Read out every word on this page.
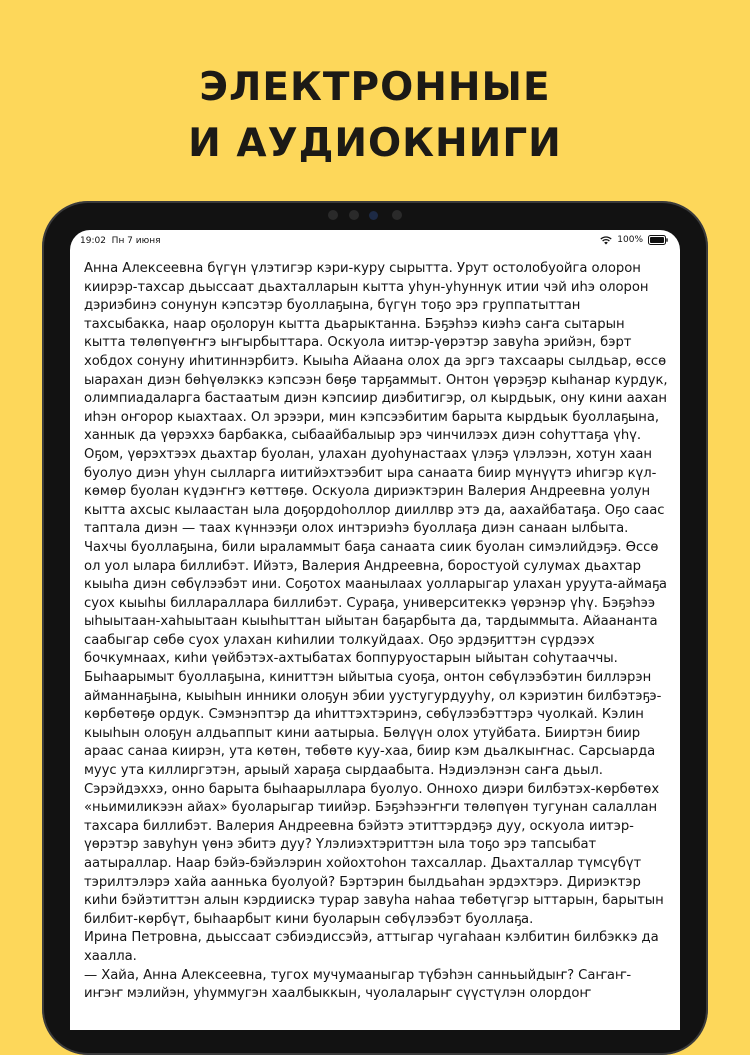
ЭЛЕКТРОННЫЕ
И АУДИОКНИГИ
19:02 Пн 7 июня	100%

Анна Алексеевна бүгүн үлэтигэр кэри-куру сырытта. Урут остолобуойга олорон киирэр-тахсар дьыссаат дьахталларын кытта уһун-уһуннук итии чэй иһэ олорон дэриэбинэ сонунун кэпсэтэр буоллаҕына, бүгүн тоҕо эрэ группатыттан тахсыбакка, наар оҕолорун кытта дьарыктанна. Бэҕэһээ киэһэ саҥа сытарын кытта төлөпүөҥҥэ ыҥырбыттара. Оскуола иитэр-үөрэтэр завуһа эрийэн, бэрт хобдох сонуну иһитиннэрбитэ. Кыыһа Айаана олох да эргэ тахсаары сылдьар, өссө ыарахан диэн бөһүөлэккэ кэпсээн бөҕө тарҕаммыт. Онтон үөрэҕэр кыһанар курдук, олимпиадаларга бастаатым диэн кэпсиир диэбитигэр, ол кырдьык, ону кини аахан иһэн оҥорор кыахтаах. Ол эрээри, мин кэпсээбитим барыта кырдьык буоллаҕына, ханнык да үөрэххэ барбакка, сыбаайбалыыр эрэ чинчилээх диэн соһуттаҕа үһү. Оҕом, үөрэхтээх дьахтар буолан, улахан дуоһунастаах үлэҕэ үлэлээн, хотун хаан буолуо диэн уһун сылларга иитийэхтээбит ыра санаата биир мүнүүтэ иһигэр күл-көмөр буолан күдэҥҥэ көттөҕө. Оскуола дириэктэрин Валерия Андреевна уолун кытта ахсыс кылаастан ыла доҕордоһоллор дииллвр этэ да, аахайбатаҕа. Оҕо саас таптала диэн — таах күннээҕи олох интэриэһэ буоллаҕа диэн санаан ылбыта. Чахчы буоллаҕына, били ыраламмыт баҕа санаата сиик буолан симэлийдэҕэ. Өссө ол уол ылара биллибэт. Ийэтэ, Валерия Андреевна, боростуой сулумах дьахтар кыыһа диэн сөбүлээбэт ини. Соҕотох маанылаах уолларыгар улахан уруута-аймаҕа суох кыыһы биллараллара биллибэт. Сураҕа, университеккэ үөрэнэр үһү. Бэҕэһээ ыһыытаан-хаһыытаан кыыһыттан ыйытан баҕарбыта да, тардыммыта. Айаананта саабыгар сөбө суох улахан киһилии толкуйдаах. Оҕо эрдэҕиттэн сүрдээх бочкумнаах, киһи үөйбэтэх-ахтыбатах боппуруостарын ыйытан соһутааччы. Быһаарымыт буоллаҕына, киниттэн ыйытыа суоҕа, онтон сөбүлээбэтин биллэрэн айманнаҕына, кыыһын инники олоҕун эбии уустугурдууһу, ол кэриэтин билбэтэҕэ-көрбөтөҕө ордук. Сэмэнэптэр да иһиттэхтэринэ, сөбүлээбэттэрэ чуолкай. Кэлин кыыһын олоҕун алдьаппыт кини аатырыа. Бөлүүн олох утуйбата. Бииртэн биир араас санаа киирэн, ута көтөн, төбөтө куу-хаа, биир кэм дьалкыҥнас. Сарсыарда муус ута киллиргэтэн, арыый хараҕа сырдаабыта. Нэдиэлэнэн саҥа дьыл. Сэрэйдэххэ, онно барыта быһаарыллара буолуо. Оннохо диэри билбэтэх-көрбөтөх «ньимиликээн айах» буоларыгар тиийэр. Бэҕэһээҥҥи төлөпүөн тугунан салаллан тахсара биллибэт. Валерия Андреевна бэйэтэ этиттэрдэҕэ дуу, оскуола иитэр-үөрэтэр завуһун үөнэ эбитэ дуу? Үлэлиэхтэриттэн ыла тоҕо эрэ тапсыбат аатыраллар. Наар бэйэ-бэйэлэрин хойохтоһон тахсаллар. Дьахталлар түмсүбүт тэрилтэлэрэ хайа ааннька буолуой? Бэртэрин былдьаһан эрдэхтэрэ. Дириэктэр киһи бэйэтиттэн алын кэрдиискэ турар завуһа наһаа төбөтүгэр ыттарын, барытын билбит-көрбүт, быһаарбыт кини буоларын сөбүлээбэт буоллаҕа.

Ирина Петровна, дьыссаат сэбиэдиссэйэ, аттыгар чугаһаан кэлбитин билбэккэ да хаалла.

— Хайа, Анна Алексеевна, тугох мучумааныгар түбэһэн санньыйдыҥ? Саҥаҥ-иҥэҥ мэлийэн, уһуммугэн хаалбыккын, чуолаларыҥ сүүстүлэн олордоҥ
